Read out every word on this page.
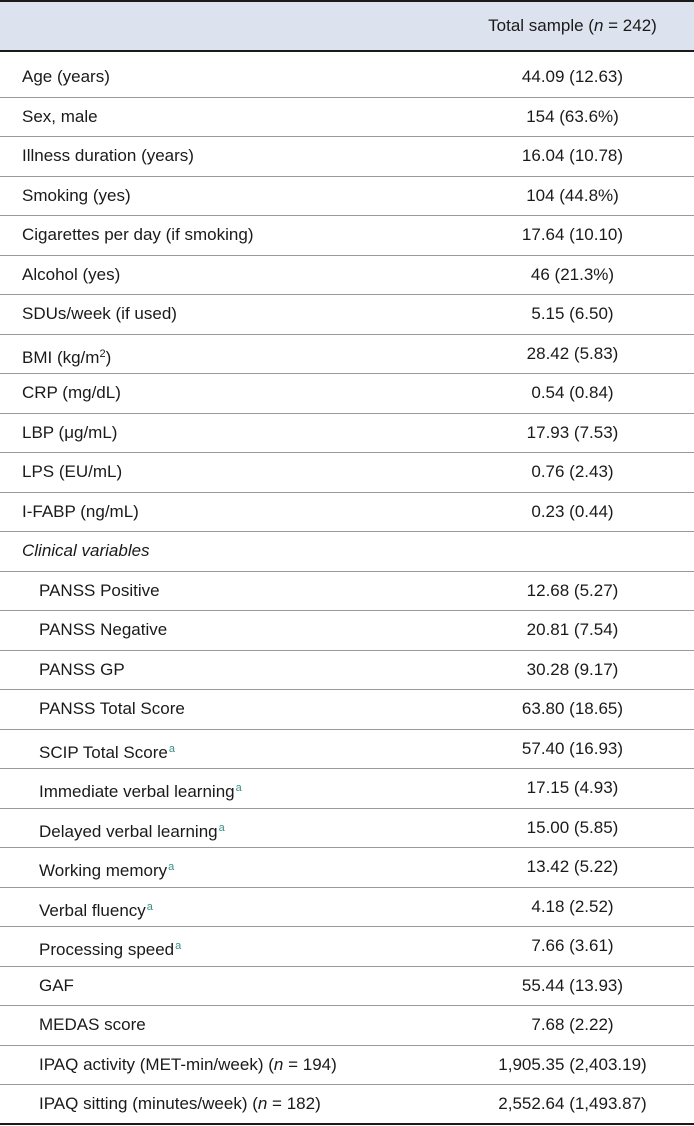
Total sample (n = 242)
Age (years)	44.09 (12.63)
Sex, male	154 (63.6%)
Illness duration (years)	16.04 (10.78)
Smoking (yes)	104 (44.8%)
Cigarettes per day (if smoking)	17.64 (10.10)
Alcohol (yes)	46 (21.3%)
SDUs/week (if used)	5.15 (6.50)
BMI $(kg/m^2)$	28.42 (5.83)
CRP (mg/dL)	0.54 (0.84)
LBP (μg/mL)	17.93 (7.53)
LPS (EU/mL)	0.76 (2.43)
I-FABP (ng/mL)	0.23 (0.44)
Clinical variables
PANSS Positive	12.68 (5.27)
PANSS Negative	20.81 (7.54)
PANSS GP	30.28 (9.17)
PANSS Total Score	63.80 (18.65)
SCIP Total Score$^a$	57.40 (16.93)
Immediate verbal learning$^a$	17.15 (4.93)
Delayed verbal learning$^a$	15.00 (5.85)
Working memory$^a$	13.42 (5.22)
Verbal fluency$^a$	4.18 (2.52)
Processing speed$^a$	7.66 (3.61)
GAF	55.44 (13.93)
MEDAS score	7.68 (2.22)
IPAQ activity (MET-min/week) (n = 194)	1,905.35 (2,403.19)
IPAQ sitting (minutes/week) (n = 182)	2,552.64 (1,493.87)
